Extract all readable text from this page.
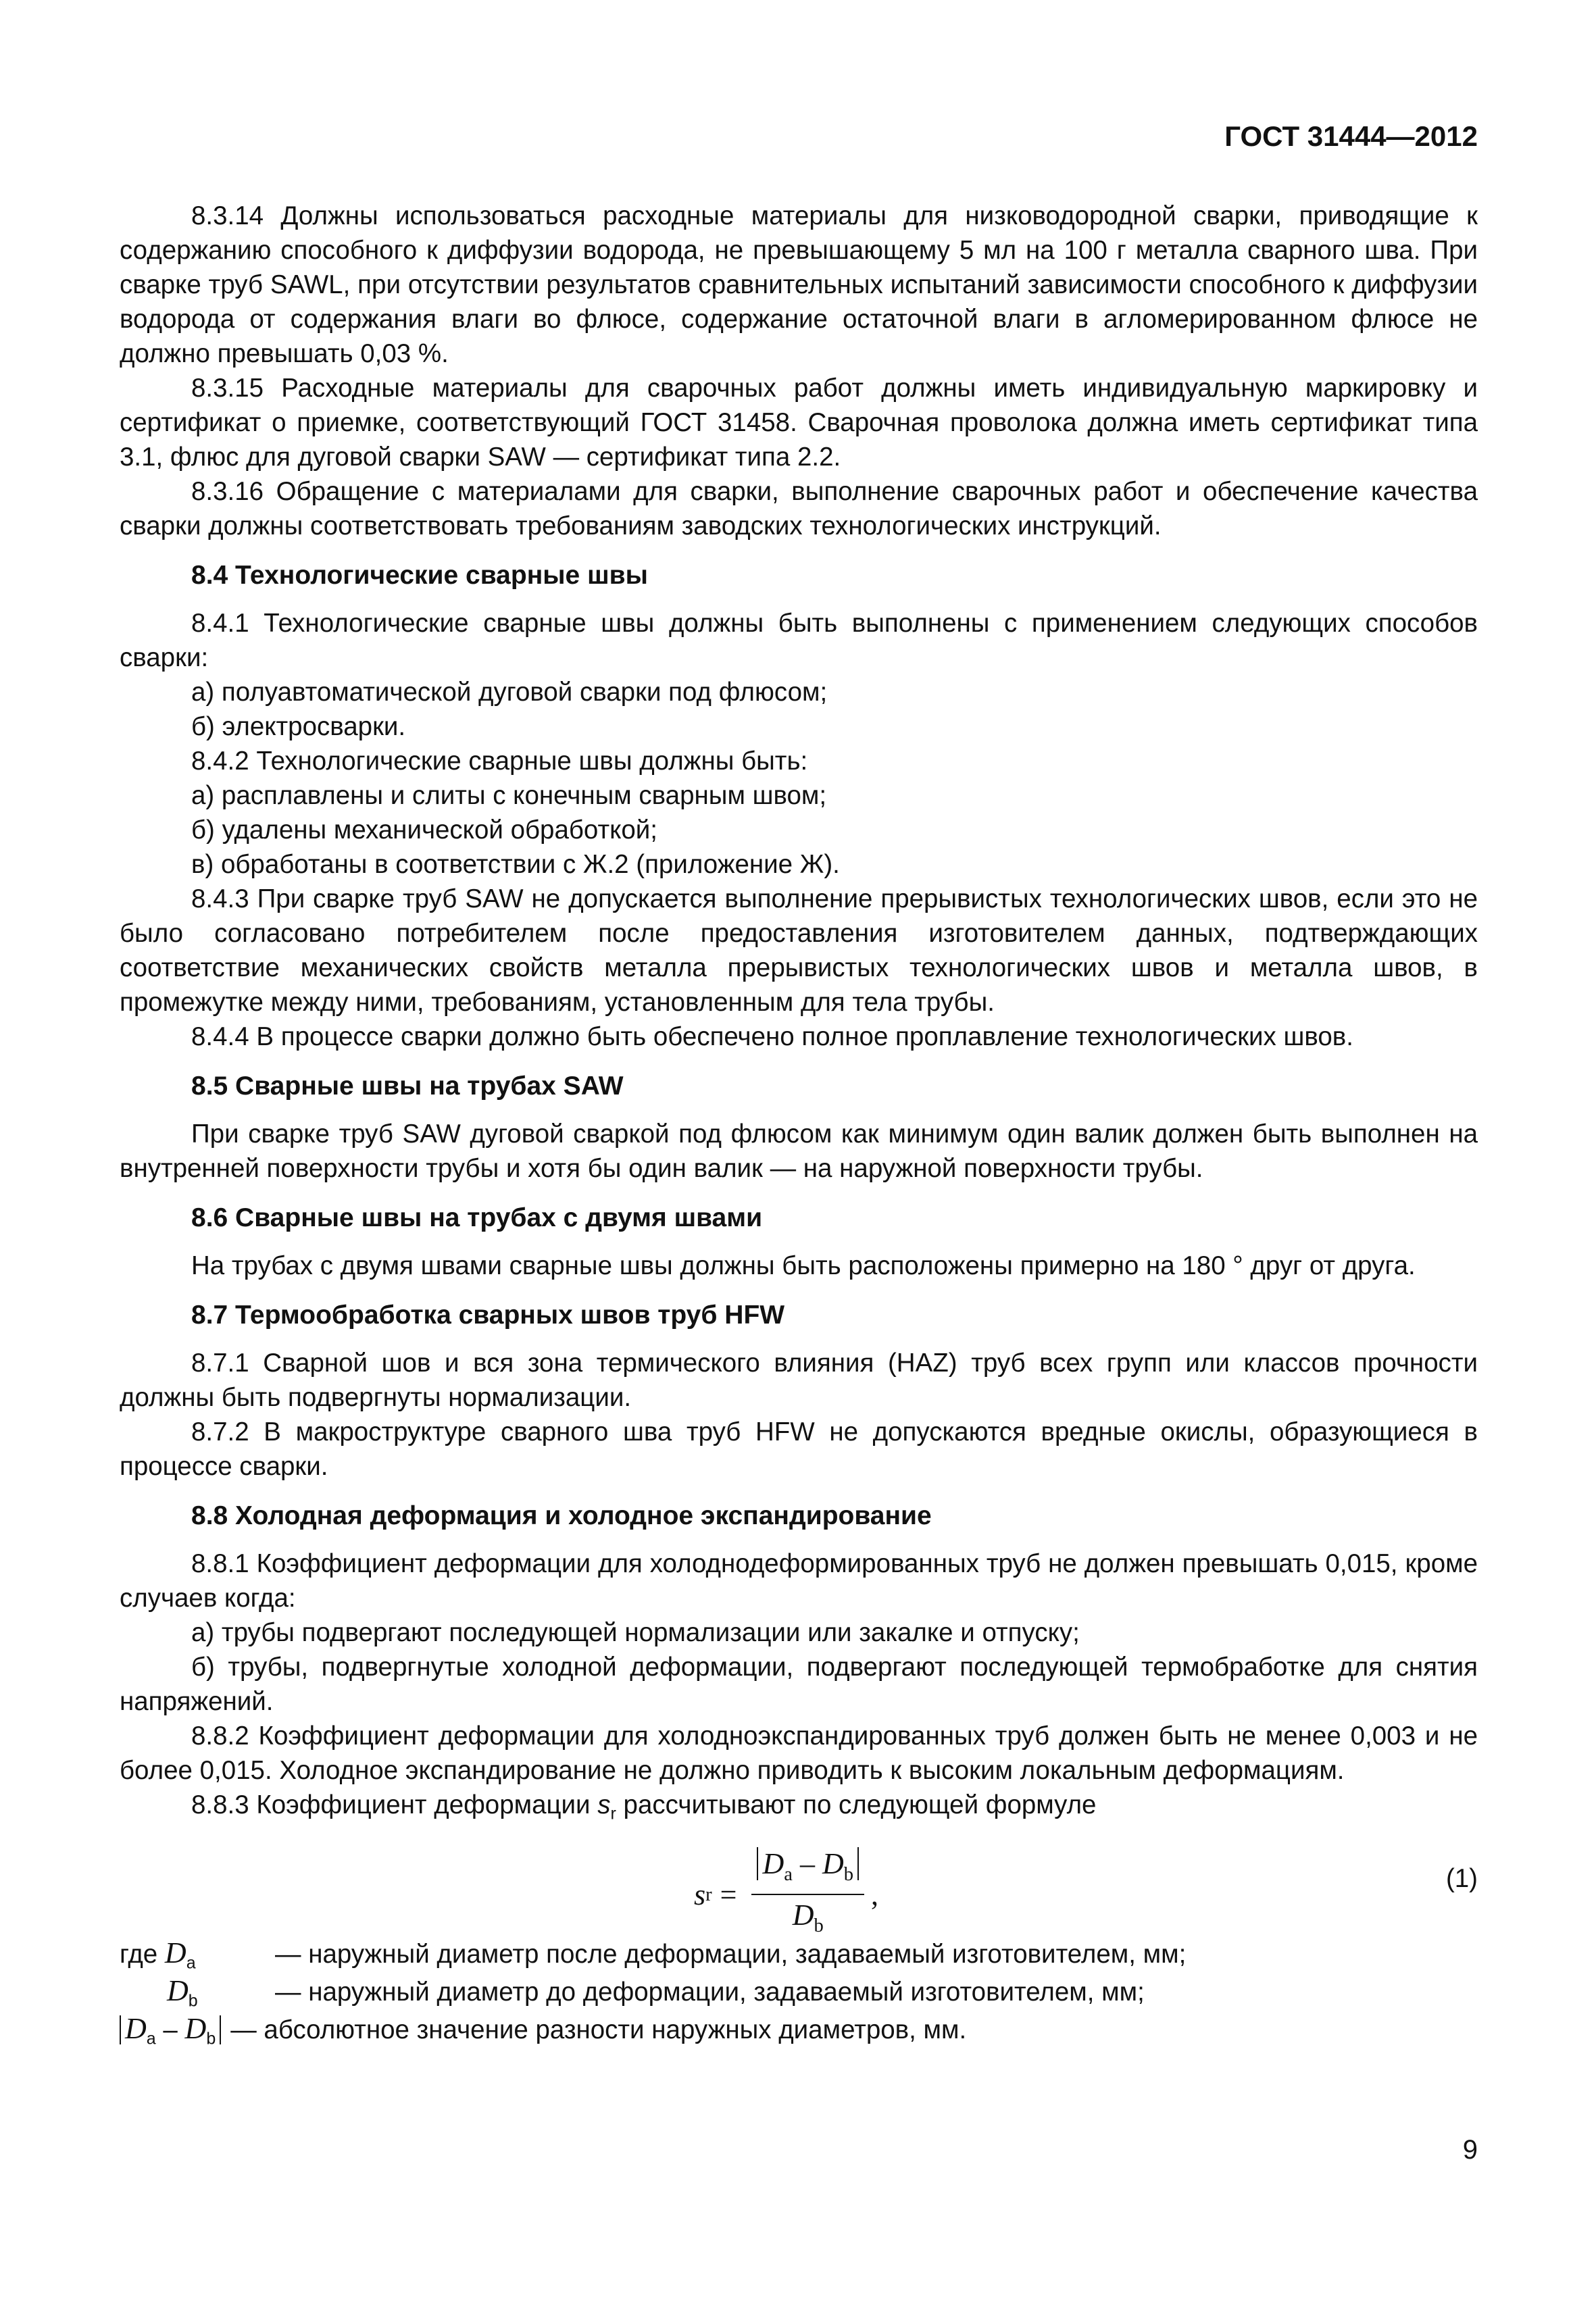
ГОСТ 31444—2012

8.3.14 Должны использоваться расходные материалы для низководородной сварки, приводящие к содержанию способного к диффузии водорода, не превышающему 5 мл на 100 г металла сварного шва. При сварке труб SAWL, при отсутствии результатов сравнительных испытаний зависимости способного к диффузии водорода от содержания влаги во флюсе, содержание остаточной влаги в агломерированном флюсе не должно превышать 0,03 %.

8.3.15 Расходные материалы для сварочных работ должны иметь индивидуальную маркировку и сертификат о приемке, соответствующий ГОСТ 31458. Сварочная проволока должна иметь сертификат типа 3.1, флюс для дуговой сварки SAW — сертификат типа 2.2.

8.3.16 Обращение с материалами для сварки, выполнение сварочных работ и обеспечение качества сварки должны соответствовать требованиям заводских технологических инструкций.

8.4 Технологические сварные швы

8.4.1 Технологические сварные швы должны быть выполнены с применением следующих способов сварки:

а) полуавтоматической дуговой сварки под флюсом;

б) электросварки.

8.4.2 Технологические сварные швы должны быть:

а) расплавлены и слиты с конечным сварным швом;

б) удалены механической обработкой;

в) обработаны в соответствии с Ж.2 (приложение Ж).

8.4.3 При сварке труб SAW не допускается выполнение прерывистых технологических швов, если это не было согласовано потребителем после предоставления изготовителем данных, подтверждающих соответствие механических свойств металла прерывистых технологических швов и металла швов, в промежутке между ними, требованиям, установленным для тела трубы.

8.4.4 В процессе сварки должно быть обеспечено полное проплавление технологических швов.

8.5 Сварные швы на трубах SAW

При сварке труб SAW дуговой сваркой под флюсом как минимум один валик должен быть выполнен на внутренней поверхности трубы и хотя бы один валик — на наружной поверхности трубы.

8.6 Сварные швы на трубах с двумя швами

На трубах с двумя швами сварные швы должны быть расположены примерно на 180 ° друг от друга.

8.7 Термообработка сварных швов труб HFW

8.7.1 Сварной шов и вся зона термического влияния (HAZ) труб всех групп или классов прочности должны быть подвергнуты нормализации.

8.7.2 В макроструктуре сварного шва труб HFW не допускаются вредные окислы, образующиеся в процессе сварки.

8.8 Холодная деформация и холодное экспандирование

8.8.1 Коэффициент деформации для холоднодеформированных труб не должен превышать 0,015, кроме случаев когда:

а) трубы подвергают последующей нормализации или закалке и отпуску;

б) трубы, подвергнутые холодной деформации, подвергают последующей термобработке для снятия напряжений.

8.8.2 Коэффициент деформации для холодноэкспандированных труб должен быть не менее 0,003 и не более 0,015. Холодное экспандирование не должно приводить к высоким локальным деформациям.

8.8.3 Коэффициент деформации $s_r$ рассчитывают по следующей формуле

s $r = \frac{D_a - D_b}{D_b}$ ,	(1)
где $D_a$	— наружный диаметр после деформации, задаваемый изготовителем, мм;
$D_b$	— наружный диаметр до деформации, задаваемый изготовителем, мм;
$D_a - D_b$ — абсолютное значение разности наружных диаметров, мм.
9
